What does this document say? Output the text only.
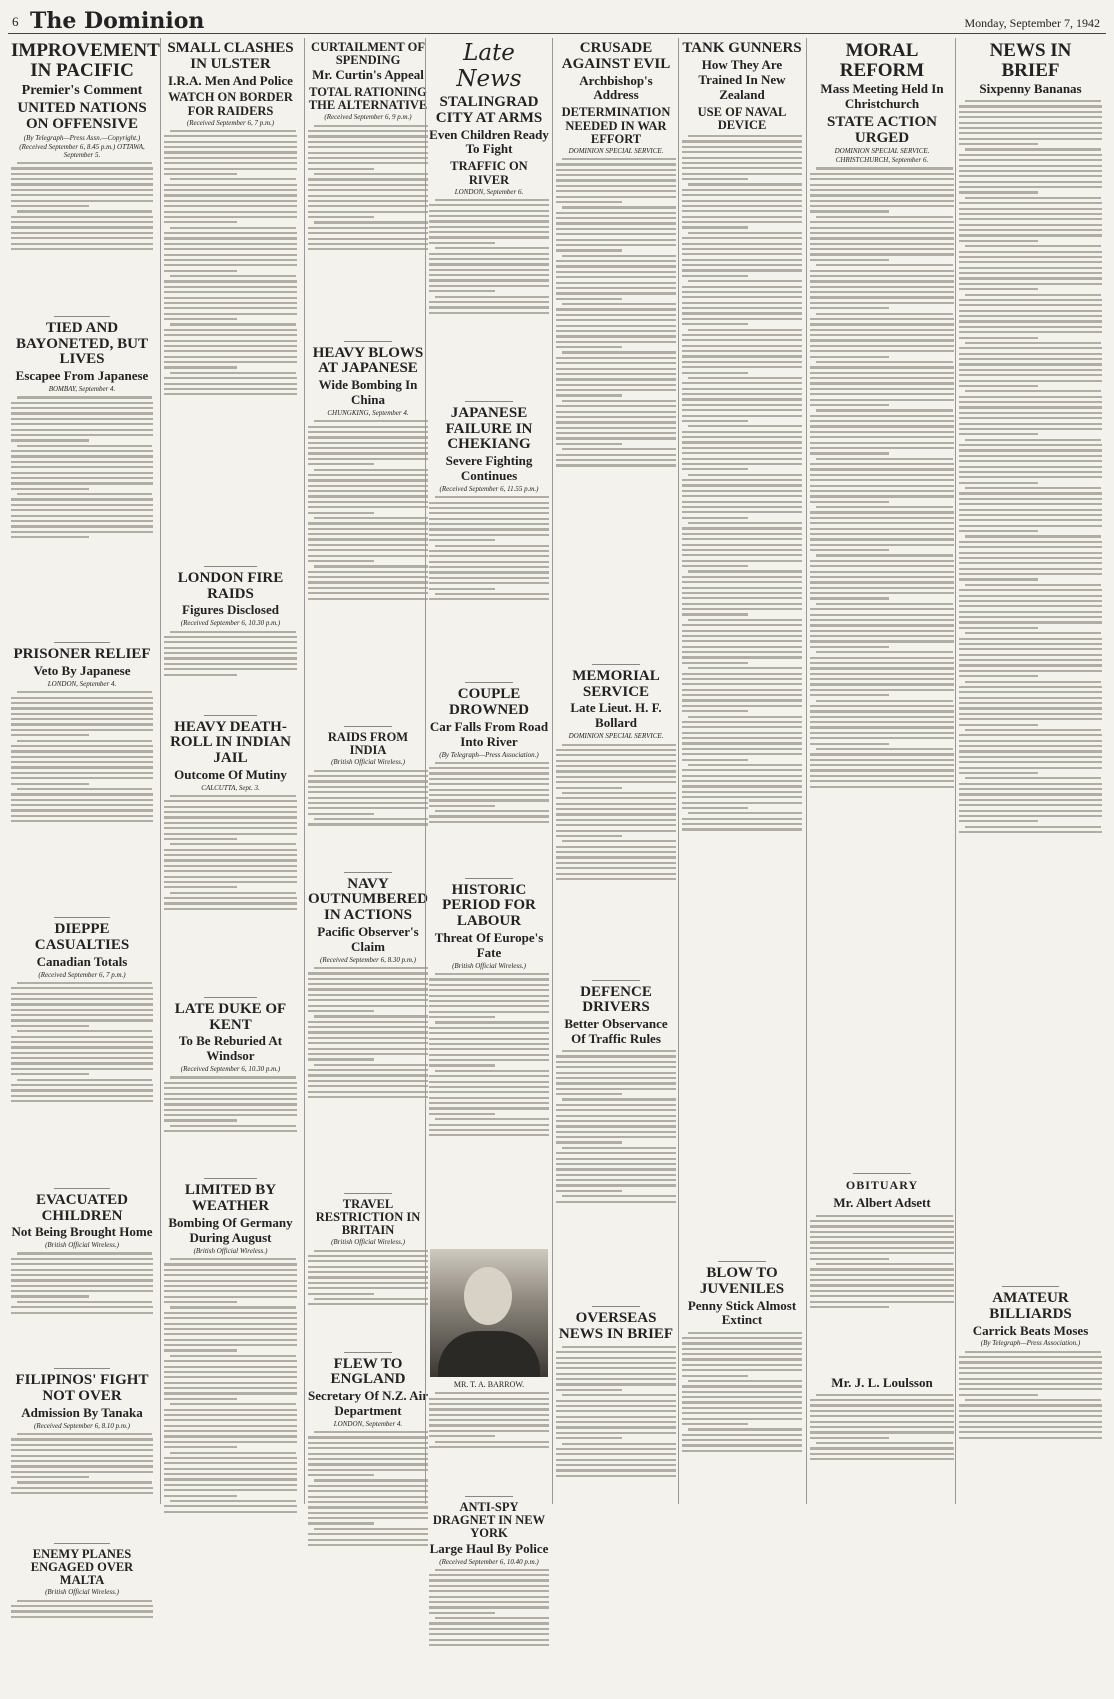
6 The Dominion	Monday, September 7, 1942
IMPROVEMENT IN PACIFIC
Premier's Comment
UNITED NATIONS ON OFFENSIVE
(By Telegraph—Press Assn.—Copyright.)
(Received September 6, 8.45 p.m.) OTTAWA, September 5.
TIED AND BAYONETED, BUT LIVES
Escapee From Japanese
BOMBAY, September 4.
PRISONER RELIEF
Veto By Japanese
LONDON, September 4.
DIEPPE CASUALTIES
Canadian Totals
(Received September 6, 7 p.m.)
EVACUATED CHILDREN
Not Being Brought Home
(British Official Wireless.)
FILIPINOS' FIGHT NOT OVER
Admission By Tanaka
(Received September 6, 8.10 p.m.)
ENEMY PLANES ENGAGED OVER MALTA
(British Official Wireless.)
SMALL CLASHES IN ULSTER
I.R.A. Men And Police
WATCH ON BORDER FOR RAIDERS
(Received September 6, 7 p.m.)
LONDON FIRE RAIDS
Figures Disclosed
(Received September 6, 10.30 p.m.)
HEAVY DEATH-ROLL IN INDIAN JAIL
Outcome Of Mutiny
CALCUTTA, Sept. 3.
LATE DUKE OF KENT
To Be Reburied At Windsor
(Received September 6, 10.30 p.m.)
LIMITED BY WEATHER
Bombing Of Germany During August
(British Official Wireless.)
CURTAILMENT OF SPENDING
Mr. Curtin's Appeal
TOTAL RATIONING THE ALTERNATIVE
(Received September 6, 9 p.m.)
HEAVY BLOWS AT JAPANESE
Wide Bombing In China
CHUNGKING, September 4.
RAIDS FROM INDIA
(British Official Wireless.)
NAVY OUTNUMBERED IN ACTIONS
Pacific Observer's Claim
(Received September 6, 8.30 p.m.)
TRAVEL RESTRICTION IN BRITAIN
(British Official Wireless.)
FLEW TO ENGLAND
Secretary Of N.Z. Air Department
LONDON, September 4.
Late News
STALINGRAD CITY AT ARMS
Even Children Ready To Fight
TRAFFIC ON RIVER
LONDON, September 6.
JAPANESE FAILURE IN CHEKIANG
Severe Fighting Continues
(Received September 6, 11.55 p.m.)
COUPLE DROWNED
Car Falls From Road Into River
(By Telegraph—Press Association.)
HISTORIC PERIOD FOR LABOUR
Threat Of Europe's Fate
(British Official Wireless.)
MR. T. A. BARROW.
ANTI-SPY DRAGNET IN NEW YORK
Large Haul By Police
(Received September 6, 10.40 p.m.)
CRUSADE AGAINST EVIL
Archbishop's Address
DETERMINATION NEEDED IN WAR EFFORT
DOMINION SPECIAL SERVICE.
MEMORIAL SERVICE
Late Lieut. H. F. Bollard
DOMINION SPECIAL SERVICE.
DEFENCE DRIVERS
Better Observance Of Traffic Rules
OVERSEAS NEWS IN BRIEF
TANK GUNNERS
How They Are Trained In New Zealand
USE OF NAVAL DEVICE
BLOW TO JUVENILES
Penny Stick Almost Extinct
MORAL REFORM
Mass Meeting Held In Christchurch
STATE ACTION URGED
DOMINION SPECIAL SERVICE.
CHRISTCHURCH, September 6.
OBITUARY
Mr. Albert Adsett
Mr. J. L. Loulsson
NEWS IN BRIEF
Sixpenny Bananas
AMATEUR BILLIARDS
Carrick Beats Moses
(By Telegraph—Press Association.)
